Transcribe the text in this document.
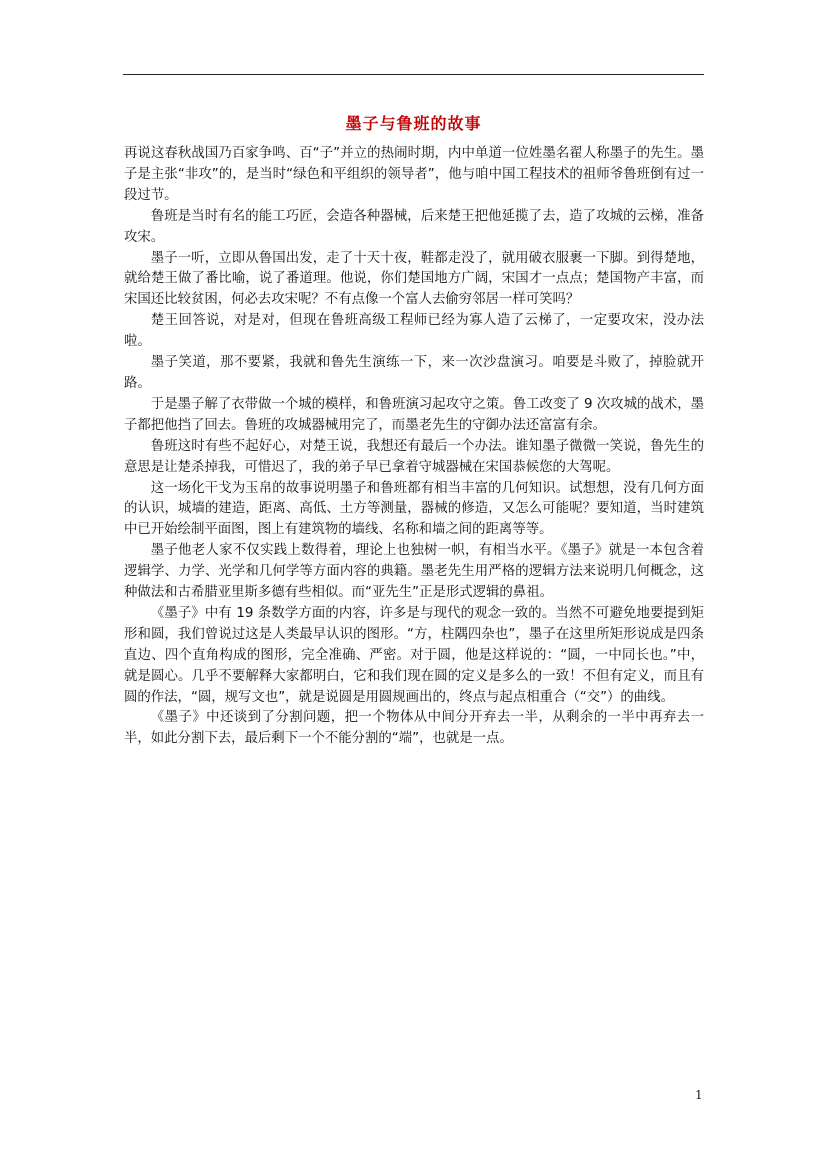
墨子与鲁班的故事

再说这春秋战国乃百家争鸣、百“子”并立的热闹时期，内中单道一位姓墨名翟人称墨子的先生。墨子是主张“非攻”的，是当时“绿色和平组织的领导者”，他与咱中国工程技术的祖师爷鲁班倒有过一段过节。

鲁班是当时有名的能工巧匠，会造各种器械，后来楚王把他延揽了去，造了攻城的云梯，准备攻宋。

墨子一听，立即从鲁国出发，走了十天十夜，鞋都走没了，就用破衣服裹一下脚。到得楚地，就给楚王做了番比喻，说了番道理。他说，你们楚国地方广阔，宋国才一点点；楚国物产丰富，而宋国还比较贫困，何必去攻宋呢？不有点像一个富人去偷穷邻居一样可笑吗？

楚王回答说，对是对，但现在鲁班高级工程师已经为寡人造了云梯了，一定要攻宋，没办法啦。

墨子笑道，那不要紧，我就和鲁先生演练一下，来一次沙盘演习。咱要是斗败了，掉脸就开路。

于是墨子解了衣带做一个城的模样，和鲁班演习起攻守之策。鲁工改变了 9 次攻城的战术，墨子都把他挡了回去。鲁班的攻城器械用完了，而墨老先生的守御办法还富富有余。

鲁班这时有些不起好心，对楚王说，我想还有最后一个办法。谁知墨子微微一笑说，鲁先生的意思是让楚杀掉我，可惜迟了，我的弟子早已拿着守城器械在宋国恭候您的大驾呢。

这一场化干戈为玉帛的故事说明墨子和鲁班都有相当丰富的几何知识。试想想，没有几何方面的认识，城墙的建造，距离、高低、土方等测量，器械的修造，又怎么可能呢？要知道，当时建筑中已开始绘制平面图，图上有建筑物的墙线、名称和墙之间的距离等等。

墨子他老人家不仅实践上数得着，理论上也独树一帜，有相当水平。《墨子》就是一本包含着逻辑学、力学、光学和几何学等方面内容的典籍。墨老先生用严格的逻辑方法来说明几何概念，这种做法和古希腊亚里斯多德有些相似。而“亚先生”正是形式逻辑的鼻祖。

《墨子》中有 19 条数学方面的内容，许多是与现代的观念一致的。当然不可避免地要提到矩形和圆，我们曾说过这是人类最早认识的图形。“方，柱隅四杂也”，墨子在这里所矩形说成是四条直边、四个直角构成的图形，完全准确、严密。对于圆，他是这样说的：“圆，一中同长也。”中，就是圆心。几乎不要解释大家都明白，它和我们现在圆的定义是多么的一致！不但有定义，而且有圆的作法，“圆，规写文也”，就是说圆是用圆规画出的，终点与起点相重合（“交”）的曲线。

《墨子》中还谈到了分割问题，把一个物体从中间分开弃去一半，从剩余的一半中再弃去一半，如此分割下去，最后剩下一个不能分割的“端”，也就是一点。

1
